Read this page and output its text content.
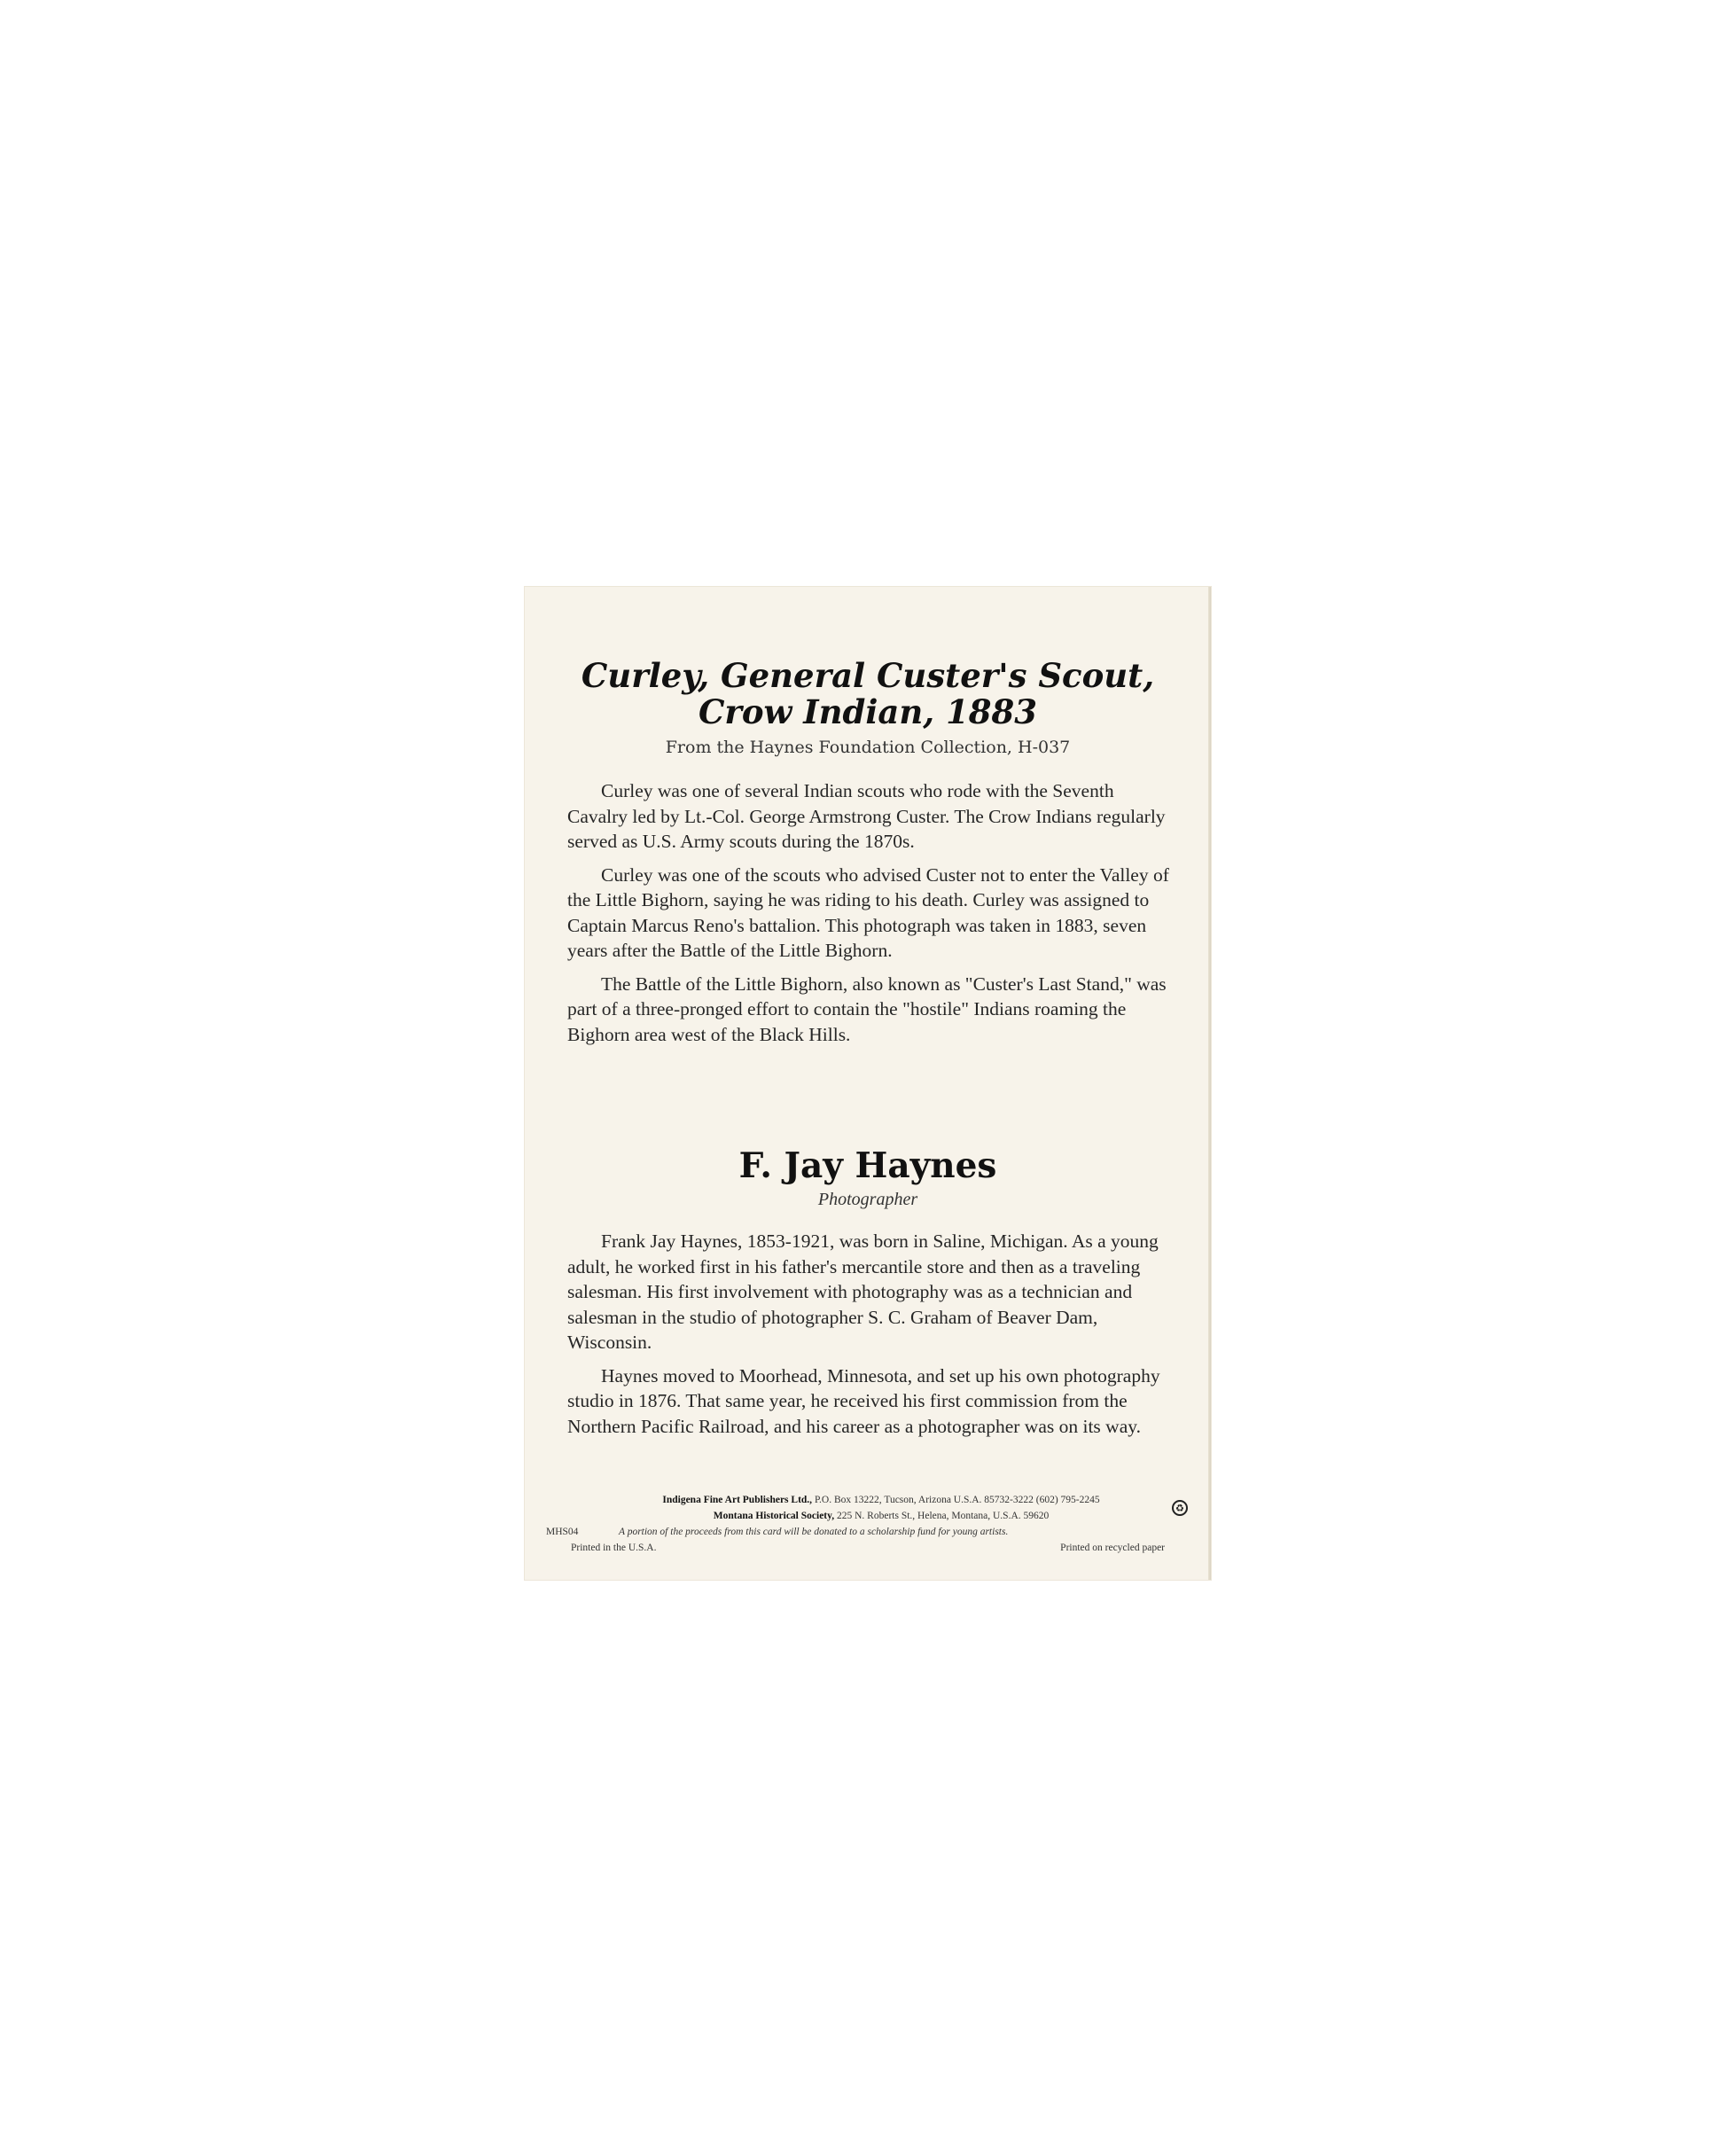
Curley, General Custer's Scout,
Crow Indian, 1883
From the Haynes Foundation Collection, H-037

Curley was one of several Indian scouts who rode with the Seventh Cavalry led by Lt.-Col. George Armstrong Custer. The Crow Indians regularly served as U.S. Army scouts during the 1870s.

Curley was one of the scouts who advised Custer not to enter the Valley of the Little Bighorn, saying he was riding to his death. Curley was assigned to Captain Marcus Reno's battalion. This photograph was taken in 1883, seven years after the Battle of the Little Bighorn.

The Battle of the Little Bighorn, also known as "Custer's Last Stand," was part of a three-pronged effort to contain the "hostile" Indians roaming the Bighorn area west of the Black Hills.

F. Jay Haynes
Photographer

Frank Jay Haynes, 1853-1921, was born in Saline, Michigan. As a young adult, he worked first in his father's mercantile store and then as a traveling salesman. His first involvement with photography was as a technician and salesman in the studio of photographer S. C. Graham of Beaver Dam, Wisconsin.

Haynes moved to Moorhead, Minnesota, and set up his own photography studio in 1876. That same year, he received his first commission from the Northern Pacific Railroad, and his career as a photographer was on its way.

Indigena Fine Art Publishers Ltd., P.O. Box 13222, Tucson, Arizona U.S.A. 85732-3222 (602) 795-2245
Montana Historical Society, 225 N. Roberts St., Helena, Montana, U.S.A. 59620
MHS04	A portion of the proceeds from this card will be donated to a scholarship fund for young artists.
Printed in the U.S.A.	Printed on recycled paper
♻
